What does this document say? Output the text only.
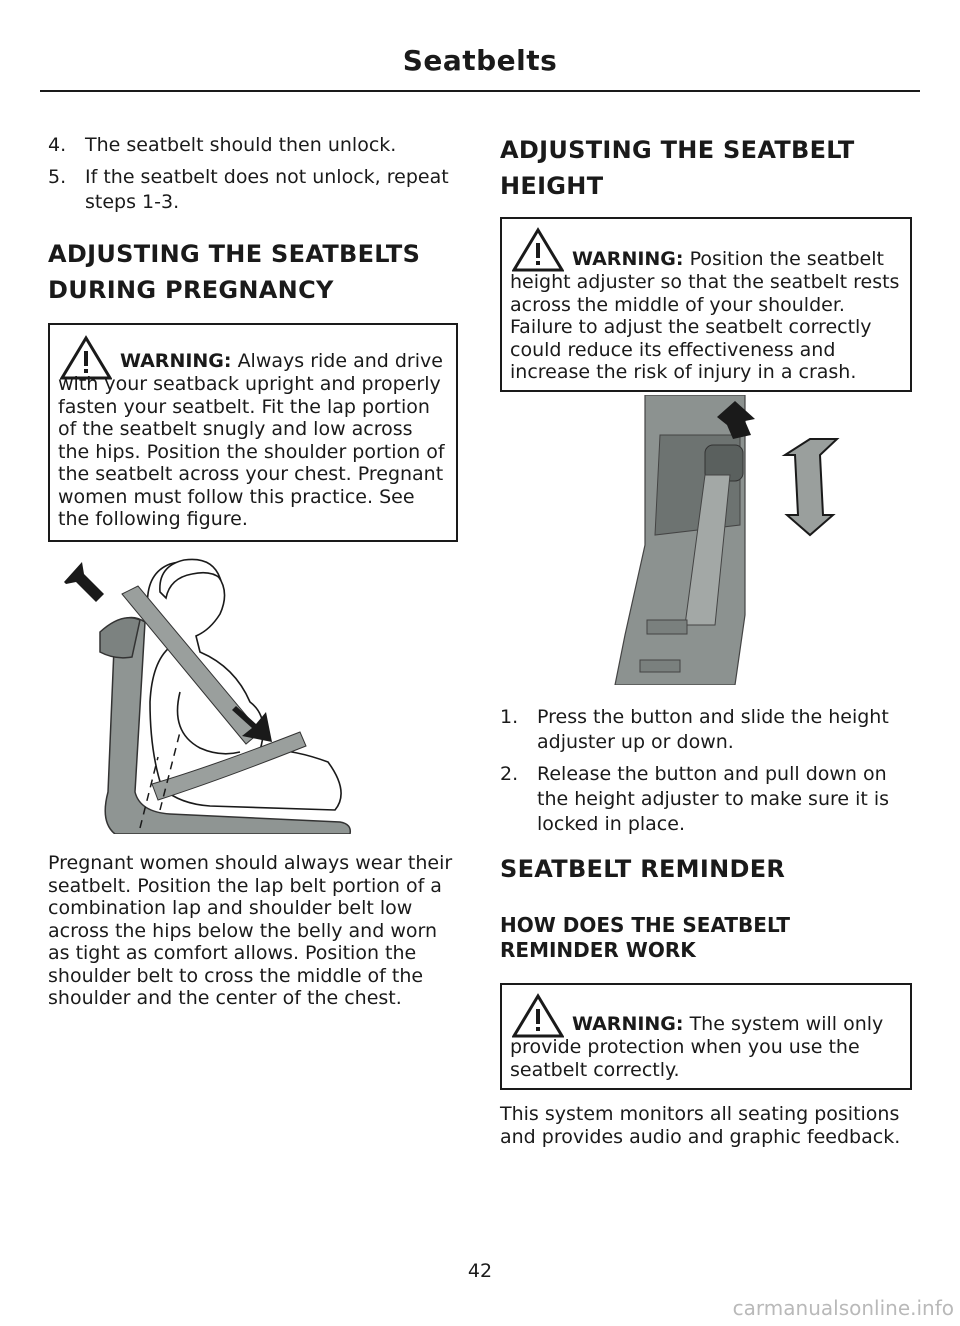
Seatbelts
4. The seatbelt should then unlock.
5. If the seatbelt does not unlock, repeat
steps 1-3.
ADJUSTING THE SEATBELTS
DURING PREGNANCY
WARNING: Always ride and drive
with your seatback upright and properly
fasten your seatbelt. Fit the lap portion
of the seatbelt snugly and low across
the hips. Position the shoulder portion of
the seatbelt across your chest. Pregnant
women must follow this practice. See
the following figure.
Pregnant women should always wear their
seatbelt. Position the lap belt portion of a
combination lap and shoulder belt low
across the hips below the belly and worn
as tight as comfort allows. Position the
shoulder belt to cross the middle of the
shoulder and the center of the chest.
ADJUSTING THE SEATBELT
HEIGHT
WARNING: Position the seatbelt
height adjuster so that the seatbelt rests
across the middle of your shoulder.
Failure to adjust the seatbelt correctly
could reduce its effectiveness and
increase the risk of injury in a crash.
1. Press the button and slide the height
adjuster up or down.
2. Release the button and pull down on
the height adjuster to make sure it is
locked in place.
SEATBELT REMINDER
HOW DOES THE SEATBELT
REMINDER WORK
WARNING: The system will only
provide protection when you use the
seatbelt correctly.
This system monitors all seating positions
and provides audio and graphic feedback.
42
carmanualsonline.info
